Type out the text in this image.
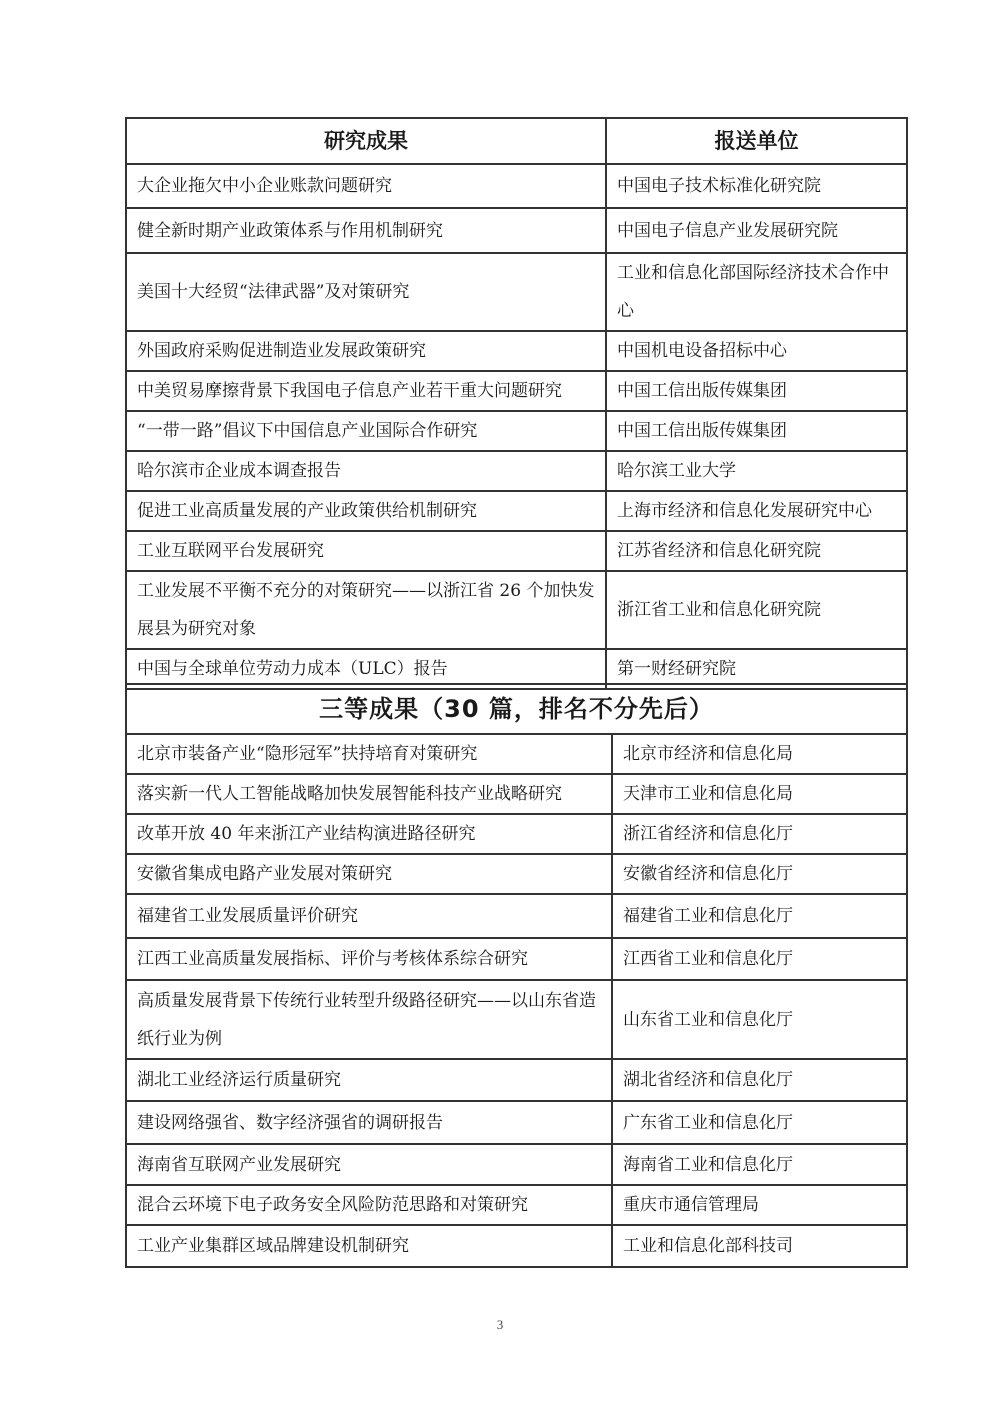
研究成果	报送单位
大企业拖欠中小企业账款问题研究	中国电子技术标准化研究院
健全新时期产业政策体系与作用机制研究	中国电子信息产业发展研究院
美国十大经贸“法律武器”及对策研究	工业和信息化部国际经济技术合作中心
外国政府采购促进制造业发展政策研究	中国机电设备招标中心
中美贸易摩擦背景下我国电子信息产业若干重大问题研究	中国工信出版传媒集团
“一带一路”倡议下中国信息产业国际合作研究	中国工信出版传媒集团
哈尔滨市企业成本调查报告	哈尔滨工业大学
促进工业高质量发展的产业政策供给机制研究	上海市经济和信息化发展研究中心
工业互联网平台发展研究	江苏省经济和信息化研究院
工业发展不平衡不充分的对策研究——以浙江省 26 个加快发展县为研究对象	浙江省工业和信息化研究院
中国与全球单位劳动力成本（ULC）报告	第一财经研究院
三等成果（30 篇，排名不分先后）	
北京市装备产业“隐形冠军”扶持培育对策研究	北京市经济和信息化局
落实新一代人工智能战略加快发展智能科技产业战略研究	天津市工业和信息化局
改革开放 40 年来浙江产业结构演进路径研究	浙江省经济和信息化厅
安徽省集成电路产业发展对策研究	安徽省经济和信息化厅
福建省工业发展质量评价研究	福建省工业和信息化厅
江西工业高质量发展指标、评价与考核体系综合研究	江西省工业和信息化厅
高质量发展背景下传统行业转型升级路径研究——以山东省造纸行业为例	山东省工业和信息化厅
湖北工业经济运行质量研究	湖北省经济和信息化厅
建设网络强省、数字经济强省的调研报告	广东省工业和信息化厅
海南省互联网产业发展研究	海南省工业和信息化厅
混合云环境下电子政务安全风险防范思路和对策研究	重庆市通信管理局
工业产业集群区域品牌建设机制研究	工业和信息化部科技司
3
